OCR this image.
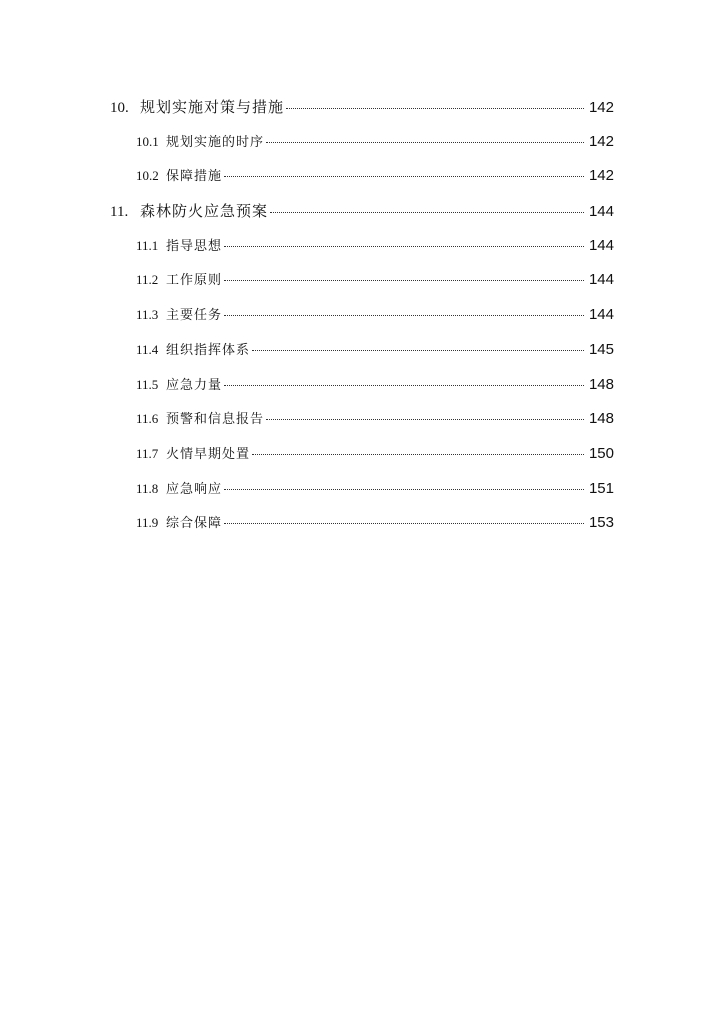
10. 规划实施对策与措施	142
10.1 规划实施的时序	142
10.2 保障措施	142
11. 森林防火应急预案	144
11.1 指导思想	144
11.2 工作原则	144
11.3 主要任务	144
11.4 组织指挥体系	145
11.5 应急力量	148
11.6 预警和信息报告	148
11.7 火情早期处置	150
11.8 应急响应	151
11.9 综合保障	153
